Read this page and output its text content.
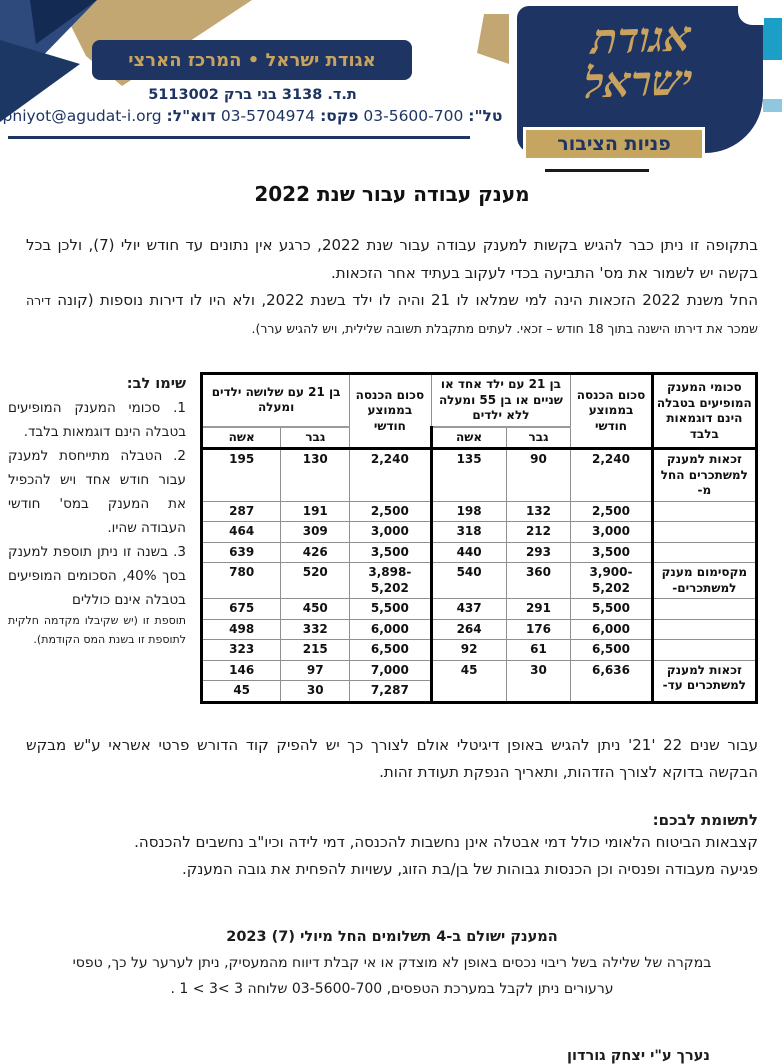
אגודת ישראל • המרכז הארצי
ת.ד. 3138 בני ברק 5113002
טל": 03-5600-700 פקס: 03-5704974 דוא"ל: pniyot@agudat-i.org
אגודת
ישראל
פניות הציבור
מענק עבודה עבור שנת 2022

בתקופה זו ניתן כבר להגיש בקשות למענק עבודה עבור שנת 2022, כרגע אין נתונים עד חודש יולי (7), ולכן בכל בקשה יש לשמור את מס' התביעה בכדי לעקוב בעתיד אחר הזכאות.

החל משנת 2022 הזכאות הינה למי שמלאו לו 21 והיה לו ילד בשנת 2022, ולא היו לו דירות נוספות (קונה דירה שמכר את דירתו הישנה בתוך 18 חודש – זכאי. לעתים מתקבלת תשובה שלילית, ויש להגיש ערר).

שימו לב:
1. סכומי המענק המופיעים בטבלה הינם דוגמאות בלבד.
2. הטבלה מתייחסת למענק עבור חודש אחד ויש להכפיל את המענק במס' חודשי העבודה שהיו.
3. בשנה זו ניתן תוספת למענק בסך 40%, הסכומים המופיעים בטבלה אינם כוללים
תוספת זו (יש שקיבלו מקדמה חלקית לתוספת זו בשנת המס הקודמת).
סכומי המענק המופיעים בטבלה הינם דוגמאות בלבד	סכום הכנסה בממוצע חודשי	בן 21 עם ילד אחד או שניים או בן 55 ומעלה ללא ילדים		סכום הכנסה בממוצע חודשי	בן 21 עם שלושה ילדים ומעלה	
		גבר	אשה		גבר	אשה
זכאות למענק למשתכרים החל מ-	2,240	90	135	2,240	130	195
	2,500	132	198	2,500	191	287
	3,000	212	318	3,000	309	464
	3,500	293	440	3,500	426	639
מקסימום מענק למשתכרים-	3,900-5,202	360	540	3,898-5,202	520	780
	5,500	291	437	5,500	450	675
	6,000	176	264	6,000	332	498
	6,500	61	92	6,500	215	323
זכאות למענק למשתכרים עד-	6,636	30	45	7,000	97	146
				7,287	30	45

עבור שנים 21‎' 22‎' ניתן להגיש באופן דיגיטלי אולם לצורך כך יש להפיק קוד הדורש פרטי אשראי ע"ש מבקש הבקשה בדוקא לצורך הזדהות, ותאריך הנפקת תעודת זהות.

לתשומת לבכם:
קצבאות הביטוח הלאומי כולל דמי אבטלה אינן נחשבות להכנסה, דמי לידה וכיו"ב נחשבים להכנסה.
פגיעה מעבודה ופנסיה וכן הכנסות גבוהות של בן/בת הזוג, עשויות להפחית את גובה המענק.
המענק ישולם ב-4 תשלומים החל מיולי (7) 2023
במקרה של שלילה בשל ריבוי נכסים באופן לא מוצדק או אי קבלת דיווח מהמעסיק, ניתן לערער על כך, טפסי
ערעורים ניתן לקבל במערכת הטפסים, 03-5600-700 שלוחה 3 >3 > 1 .
נערך ע"י יצחק גורדון
